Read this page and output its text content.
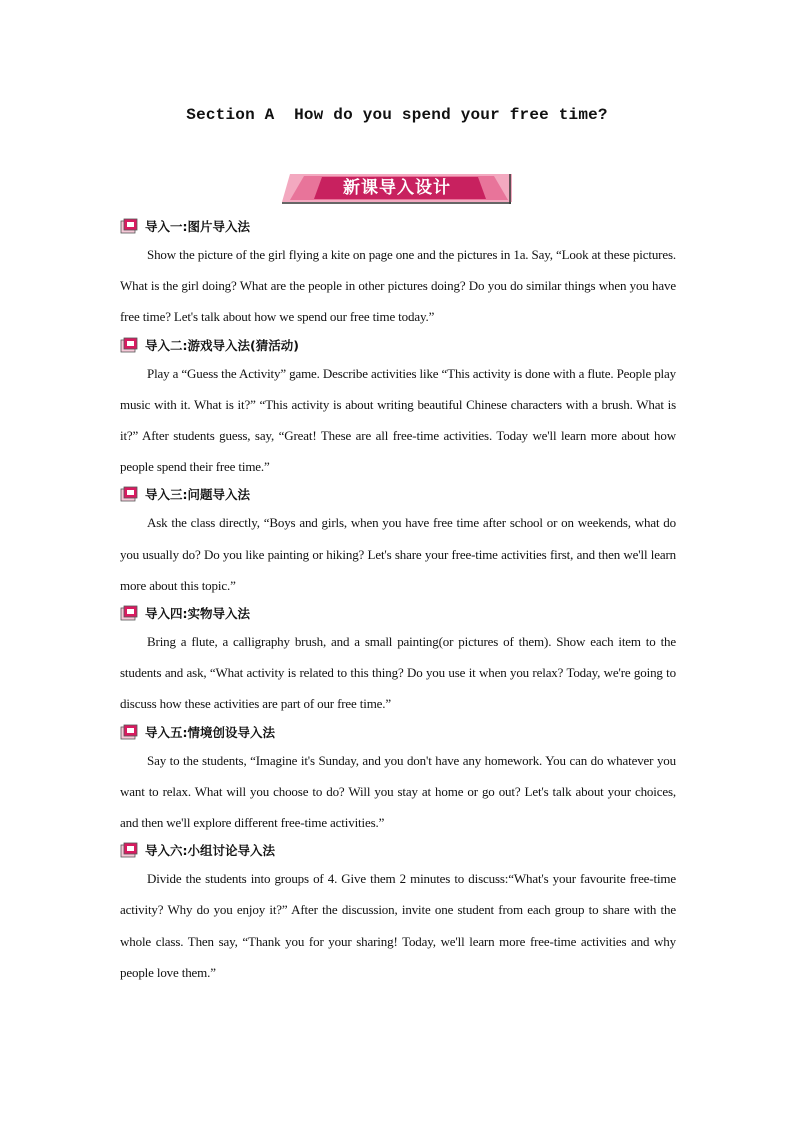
Section A  How do you spend your free time?
新课导入设计
导入一:图片导入法

Show the picture of the girl flying a kite on page one and the pictures in 1a. Say, “Look at these pictures. What is the girl doing? What are the people in other pictures doing? Do you do similar things when you have free time? Let's talk about how we spend our free time today.”

导入二:游戏导入法(猜活动)

Play a “Guess the Activity” game. Describe activities like “This activity is done with a flute. People play music with it. What is it?” “This activity is about writing beautiful Chinese characters with a brush. What is it?” After students guess, say, “Great! These are all free-time activities. Today we'll learn more about how people spend their free time.”

导入三:问题导入法

Ask the class directly, “Boys and girls, when you have free time after school or on weekends, what do you usually do? Do you like painting or hiking? Let's share your free-time activities first, and then we'll learn more about this topic.”

导入四:实物导入法

Bring a flute, a calligraphy brush, and a small painting(or pictures of them). Show each item to the students and ask, “What activity is related to this thing? Do you use it when you relax? Today, we're going to discuss how these activities are part of our free time.”

导入五:情境创设导入法

Say to the students, “Imagine it's Sunday, and you don't have any homework. You can do whatever you want to relax. What will you choose to do? Will you stay at home or go out? Let's talk about your choices, and then we'll explore different free-time activities.”

导入六:小组讨论导入法

Divide the students into groups of 4. Give them 2 minutes to discuss:“What's your favourite free-time activity? Why do you enjoy it?” After the discussion, invite one student from each group to share with the whole class. Then say, “Thank you for your sharing! Today, we'll learn more free-time activities and why people love them.”
